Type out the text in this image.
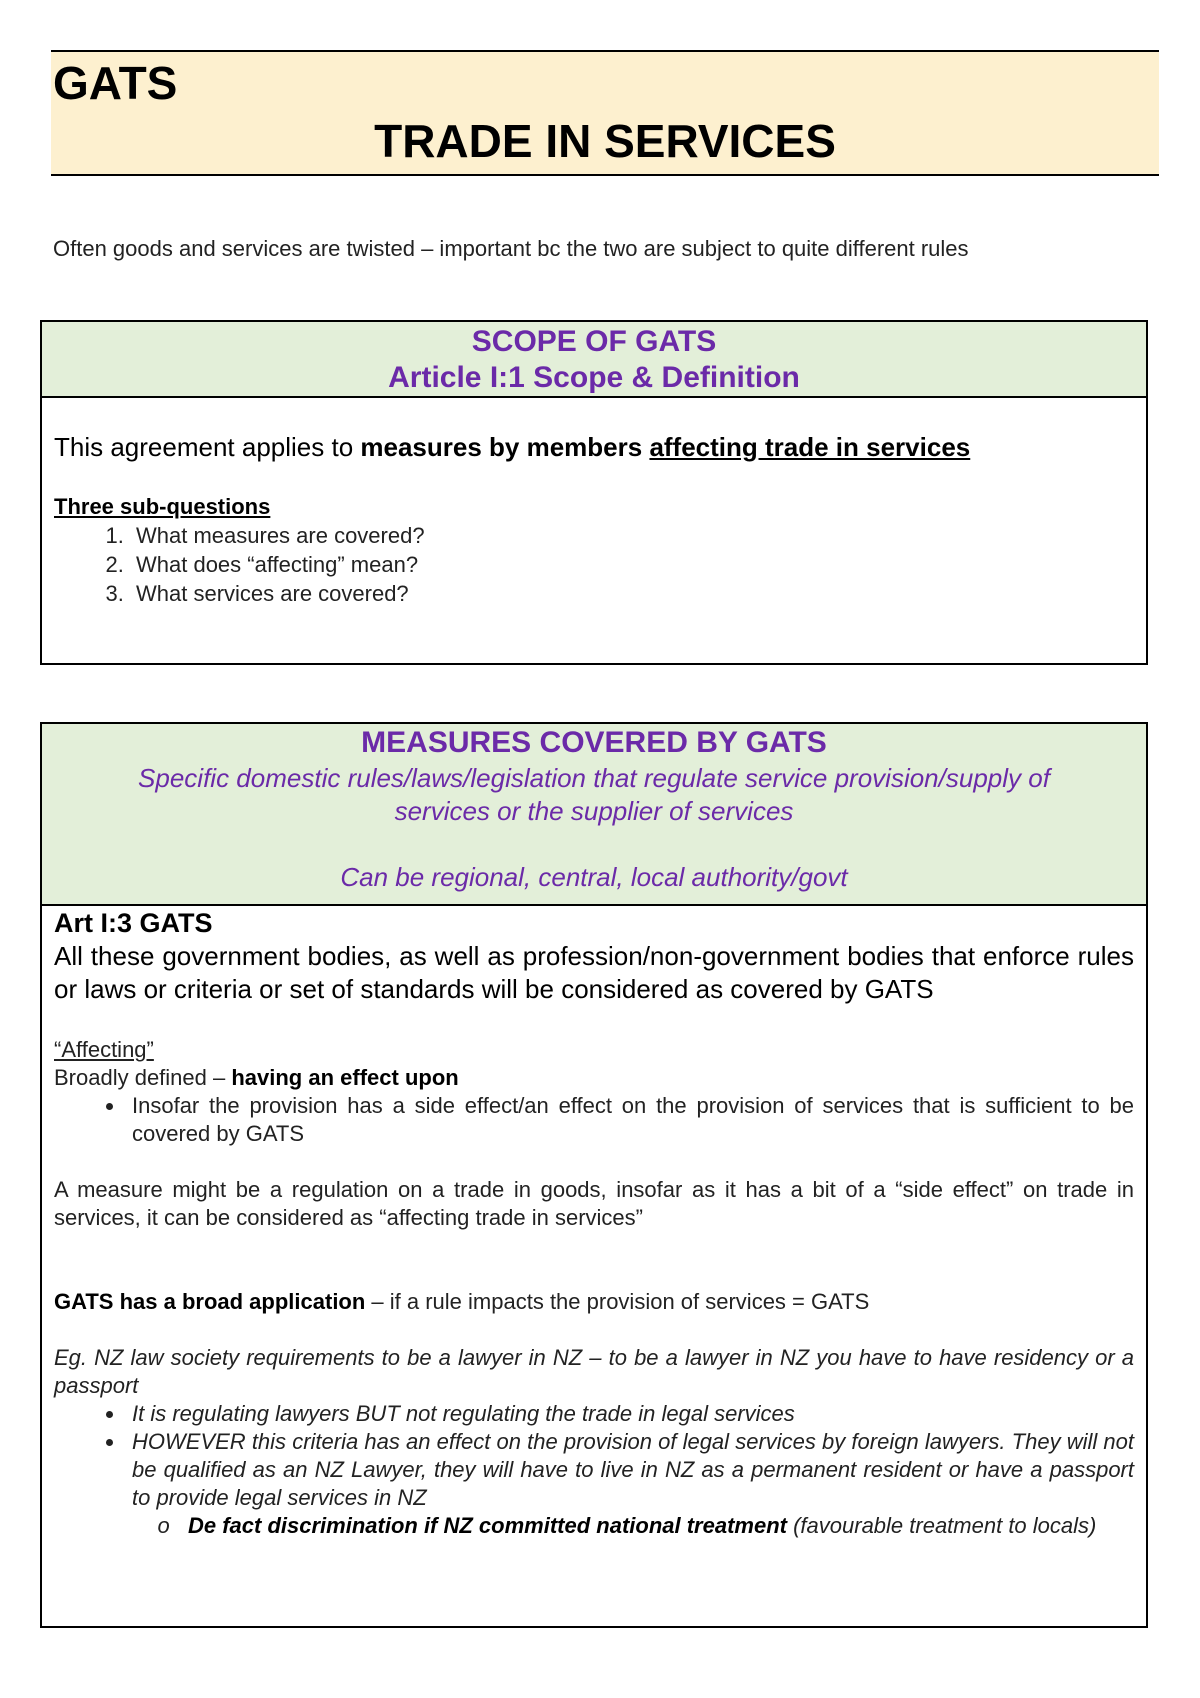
GATS
TRADE IN SERVICES
Often goods and services are twisted – important bc the two are subject to quite different rules
SCOPE OF GATS
Article I:1 Scope & Definition
This agreement applies to measures by members affecting trade in services
Three sub-questions
1. What measures are covered?
2. What does “affecting” mean?
3. What services are covered?
MEASURES COVERED BY GATS
Specific domestic rules/laws/legislation that regulate service provision/supply of
services or the supplier of services
Can be regional, central, local authority/govt
Art I:3 GATS
All these government bodies, as well as profession/non-government bodies that enforce rules or laws or criteria or set of standards will be considered as covered by GATS
“Affecting”
Broadly defined – having an effect upon
• Insofar the provision has a side effect/an effect on the provision of services that is sufficient to be covered by GATS
A measure might be a regulation on a trade in goods, insofar as it has a bit of a “side effect” on trade in services, it can be considered as “affecting trade in services”
GATS has a broad application – if a rule impacts the provision of services = GATS
Eg. NZ law society requirements to be a lawyer in NZ – to be a lawyer in NZ you have to have residency or a passport
• It is regulating lawyers BUT not regulating the trade in legal services
• HOWEVER this criteria has an effect on the provision of legal services by foreign lawyers. They will not be qualified as an NZ Lawyer, they will have to live in NZ as a permanent resident or have a passport to provide legal services in NZ
o De fact discrimination if NZ committed national treatment (favourable treatment to locals)
